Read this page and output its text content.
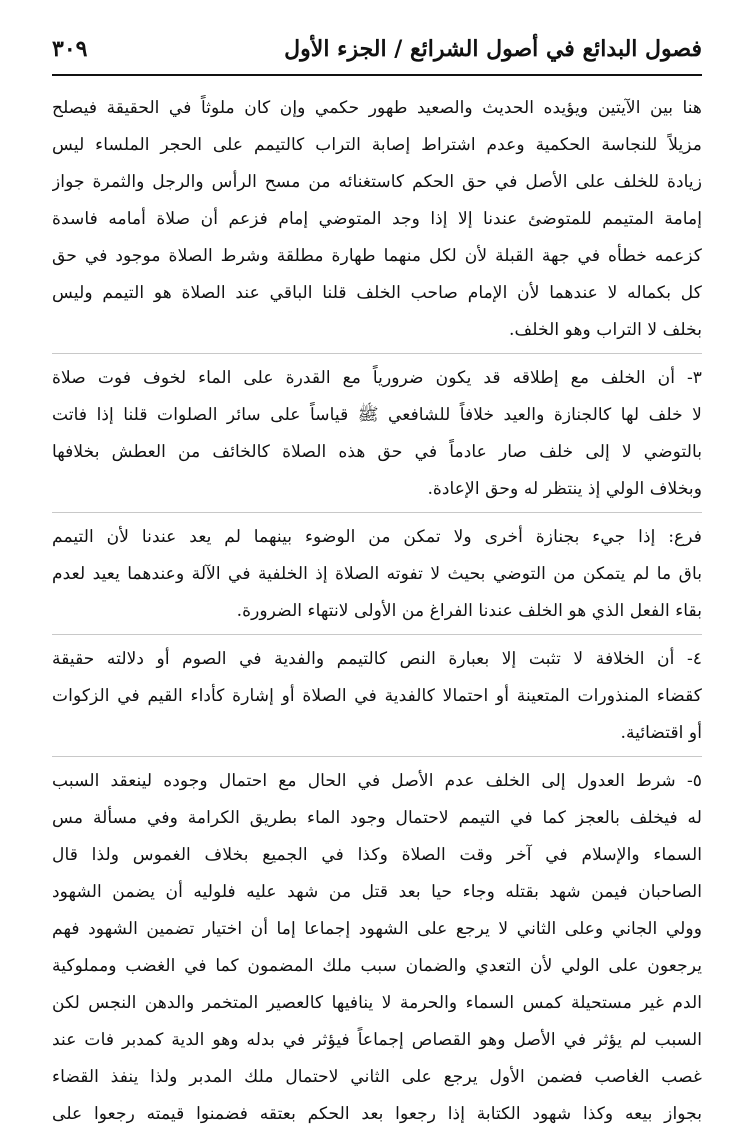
فصول البدائع في أصول الشرائع / الجزء الأول
٣٠٩
هنا بين الآيتين ويؤيده الحديث والصعيد طهور حكمي وإن كان ملوثاً في الحقيقة فيصلح
مزيلاً للنجاسة الحكمية وعدم اشتراط إصابة التراب كالتيمم على الحجر الملساء ليس
زيادة للخلف على الأصل في حق الحكم كاستغنائه من مسح الرأس والرجل والثمرة جواز
إمامة المتيمم للمتوضئ عندنا إلا إذا وجد المتوضي إمام فزعم أن صلاة أمامه فاسدة
كزعمه خطأه في جهة القبلة لأن لكل منهما طهارة مطلقة وشرط الصلاة موجود في حق
كل بكماله لا عندهما لأن الإمام صاحب الخلف قلنا الباقي عند الصلاة هو التيمم وليس
بخلف لا التراب وهو الخلف.
٣- أن الخلف مع إطلاقه قد يكون ضرورياً مع القدرة على الماء لخوف فوت صلاة
لا خلف لها كالجنازة والعيد خلافاً للشافعي ﷺ قياساً على سائر الصلوات قلنا إذا فاتت
بالتوضي لا إلى خلف صار عادماً في حق هذه الصلاة كالخائف من العطش بخلافها
وبخلاف الولي إذ ينتظر له وحق الإعادة.
فرع: إذا جيء بجنازة أخرى ولا تمكن من الوضوء بينهما لم يعد عندنا لأن التيمم
باق ما لم يتمكن من التوضي بحيث لا تفوته الصلاة إذ الخلفية في الآلة وعندهما يعيد لعدم
بقاء الفعل الذي هو الخلف عندنا الفراغ من الأولى لانتهاء الضرورة.
٤- أن الخلافة لا تثبت إلا بعبارة النص كالتيمم والفدية في الصوم أو دلالته حقيقة
كقضاء المنذورات المتعينة أو احتمالا كالفدية في الصلاة أو إشارة كأداء القيم في الزكوات
أو اقتضائية.
٥- شرط العدول إلى الخلف عدم الأصل في الحال مع احتمال وجوده لينعقد السبب
له فيخلف بالعجز كما في التيمم لاحتمال وجود الماء بطريق الكرامة وفي مسألة مس
السماء والإسلام في آخر وقت الصلاة وكذا في الجميع بخلاف الغموس ولذا قال
الصاحبان فيمن شهد بقتله وجاء حيا بعد قتل من شهد عليه فلوليه أن يضمن الشهود
وولي الجاني وعلى الثاني لا يرجع على الشهود إجماعا إما أن اختيار تضمين الشهود فهم
يرجعون على الولي لأن التعدي والضمان سبب ملك المضمون كما في الغضب ومملوكية
الدم غير مستحيلة كمس السماء والحرمة لا ينافيها كالعصير المتخمر والدهن النجس لكن
السبب لم يؤثر في الأصل وهو القصاص إجماعاً فيؤثر في بدله وهو الدية كمدبر فات عند
غصب الغاصب فضمن الأول يرجع على الثاني لاحتمال ملك المدبر ولذا ينفذ القضاء
بجواز بيعه وكذا شهود الكتابة إذا رجعوا بعد الحكم بعتقه فضمنوا قيمته رجعوا على
